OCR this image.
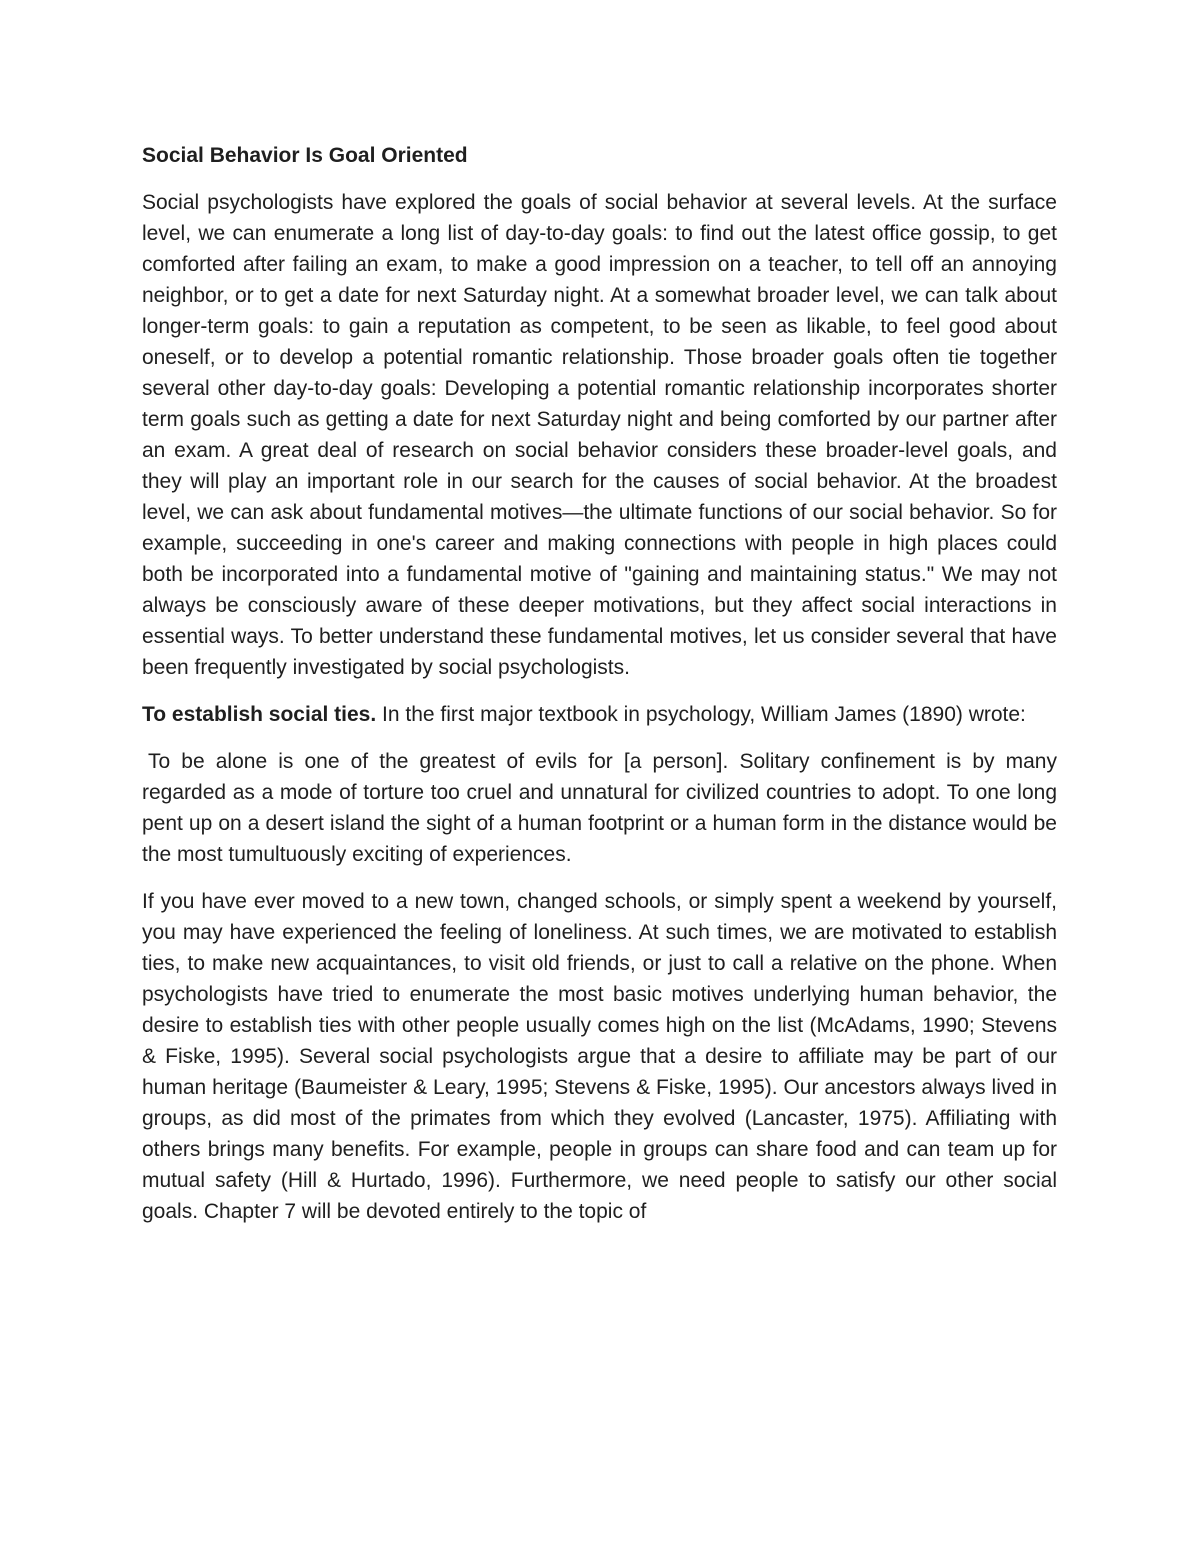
Social Behavior Is Goal Oriented

Social psychologists have explored the goals of social behavior at several levels. At the surface level, we can enumerate a long list of day-to-day goals: to find out the latest office gossip, to get comforted after failing an exam, to make a good impression on a teacher, to tell off an annoying neighbor, or to get a date for next Saturday night. At a somewhat broader level, we can talk about longer-term goals: to gain a reputation as competent, to be seen as likable, to feel good about oneself, or to develop a potential romantic relationship. Those broader goals often tie together several other day-to-day goals: Developing a potential romantic relationship incorporates shorter term goals such as getting a date for next Saturday night and being comforted by our partner after an exam. A great deal of research on social behavior considers these broader-level goals, and they will play an important role in our search for the causes of social behavior. At the broadest level, we can ask about fundamental motives—the ultimate functions of our social behavior. So for example, succeeding in one's career and making connections with people in high places could both be incorporated into a fundamental motive of "gaining and maintaining status." We may not always be consciously aware of these deeper motivations, but they affect social interactions in essential ways. To better understand these fundamental motives, let us consider several that have been frequently investigated by social psychologists.

To establish social ties. In the first major textbook in psychology, William James (1890) wrote:

To be alone is one of the greatest of evils for [a person]. Solitary confinement is by many regarded as a mode of torture too cruel and unnatural for civilized countries to adopt. To one long pent up on a desert island the sight of a human footprint or a human form in the distance would be the most tumultuously exciting of experiences.

If you have ever moved to a new town, changed schools, or simply spent a weekend by yourself, you may have experienced the feeling of loneliness. At such times, we are motivated to establish ties, to make new acquaintances, to visit old friends, or just to call a relative on the phone. When psychologists have tried to enumerate the most basic motives underlying human behavior, the desire to establish ties with other people usually comes high on the list (McAdams, 1990; Stevens & Fiske, 1995). Several social psychologists argue that a desire to affiliate may be part of our human heritage (Baumeister & Leary, 1995; Stevens & Fiske, 1995). Our ancestors always lived in groups, as did most of the primates from which they evolved (Lancaster, 1975). Affiliating with others brings many benefits. For example, people in groups can share food and can team up for mutual safety (Hill & Hurtado, 1996). Furthermore, we need people to satisfy our other social goals. Chapter 7 will be devoted entirely to the topic of
